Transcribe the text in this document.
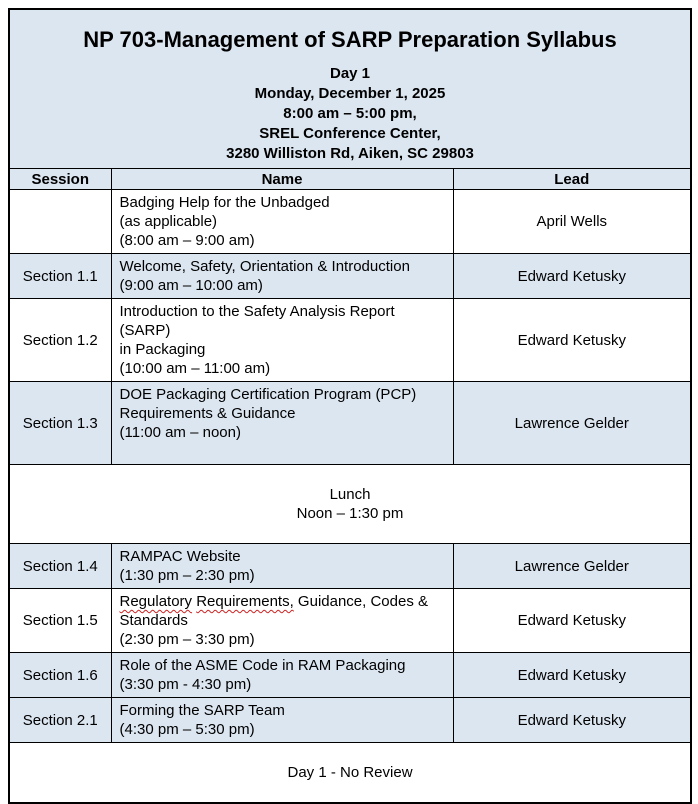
NP 703-Management of SARP Preparation Syllabus
Day 1
Monday, December 1, 2025
8:00 am – 5:00 pm,
SREL Conference Center,
3280 Williston Rd, Aiken, SC 29803

Session	Name	Lead

	Badging Help for the Unbadged
(as applicable)
(8:00 am – 9:00 am)	April Wells
Section 1.1	Welcome, Safety, Orientation & Introduction
(9:00 am – 10:00 am)	Edward Ketusky
Section 1.2	Introduction to the Safety Analysis Report (SARP)
in Packaging
(10:00 am – 11:00 am)	Edward Ketusky
Section 1.3	DOE Packaging Certification Program (PCP)
Requirements & Guidance
(11:00 am – noon)	Lawrence Gelder

Lunch
Noon – 1:30 pm		

Section 1.4	RAMPAC Website
(1:30 pm – 2:30 pm)	Lawrence Gelder
Section 1.5	Regulatory Requirements, Guidance, Codes &
Standards
(2:30 pm – 3:30 pm)	Edward Ketusky
Section 1.6	Role of the ASME Code in RAM Packaging
(3:30 pm - 4:30 pm)	Edward Ketusky
Section 2.1	Forming the SARP Team
(4:30 pm – 5:30 pm)	Edward Ketusky

Day 1 - No Review		
